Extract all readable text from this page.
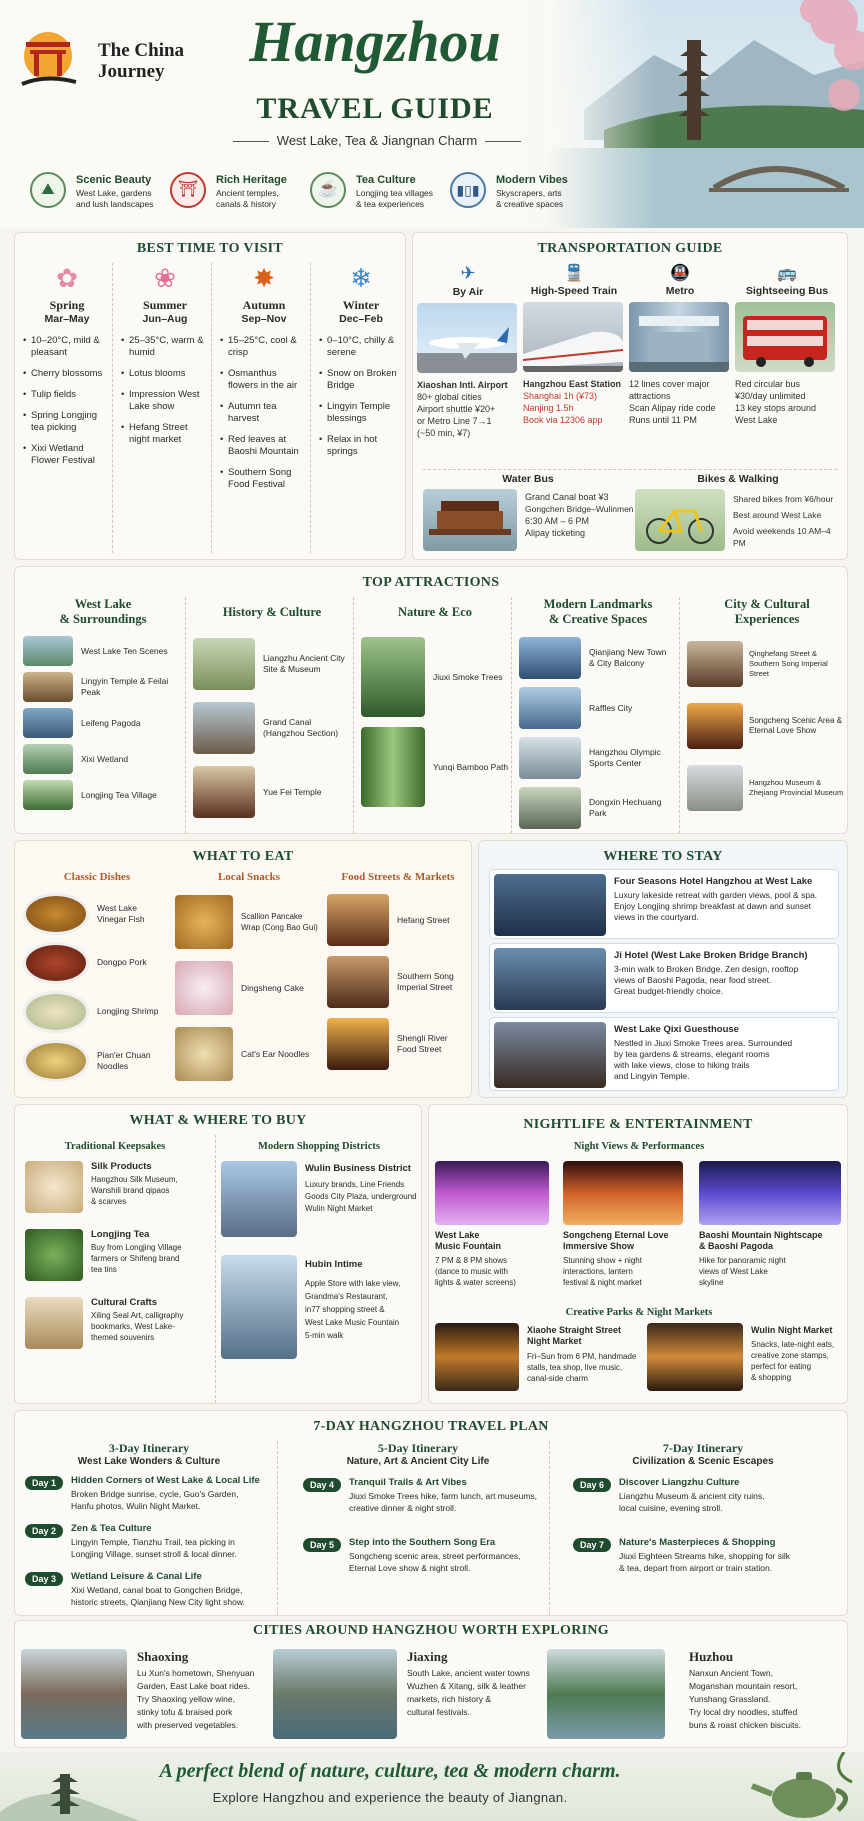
The China
Journey	Hangzhou
TRAVEL GUIDE
West Lake, Tea & Jiangnan Charm
⛰
Scenic Beauty
West Lake, gardens
and lush landscapes
⛩
Rich Heritage
Ancient temples,
canals & history
☕
Tea Culture
Longjing tea villages
& tea experiences
▮▯▮
Modern Vibes
Skyscrapers, arts
& creative spaces
BEST TIME TO VISIT
✿
Spring
Mar–May
• 10–20°C, mild & pleasant
• Cherry blossoms
• Tulip fields
• Spring Longjing tea picking
• Xixi Wetland Flower Festival
❀
Summer
Jun–Aug
• 25–35°C, warm & humid
• Lotus blooms
• Impression West Lake show
• Hefang Street night market
✸
Autumn
Sep–Nov
• 15–25°C, cool & crisp
• Osmanthus flowers in the air
• Autumn tea harvest
• Red leaves at Baoshi Mountain
• Southern Song Food Festival
❄
Winter
Dec–Feb
• 0–10°C, chilly & serene
• Snow on Broken Bridge
• Lingyin Temple blessings
• Relax in hot springs
TRANSPORTATION GUIDE
✈
By Air
Xiaoshan Intl. Airport
80+ global cities
Airport shuttle ¥20+
or Metro Line 7→1
(~50 min, ¥7)
🚆
High-Speed Train
Hangzhou East Station
Shanghai 1h (¥73)
Nanjing 1.5h
Book via 12306 app
🚇
Metro
12 lines cover major
attractions
Scan Alipay ride code
Runs until 11 PM
🚌
Sightseeing Bus
Red circular bus
¥30/day unlimited
13 key stops around
West Lake
Water Bus
Grand Canal boat ¥3
Gongchen Bridge–Wulinmen
6:30 AM – 6 PM
Alipay ticketing
Bikes & Walking
Shared bikes from ¥6/hour
Best around West Lake
Avoid weekends 10 AM–4 PM
TOP ATTRACTIONS
West Lake
& Surroundings
West Lake Ten Scenes
Lingyin Temple & Feilai Peak
Leifeng Pagoda
Xixi Wetland
Longjing Tea Village
History & Culture
Liangzhu Ancient City Site & Museum
Grand Canal (Hangzhou Section)
Yue Fei Temple
Nature & Eco
Jiuxi Smoke Trees
Yunqi Bamboo Path
Modern Landmarks
& Creative Spaces
Qianjiang New Town & City Balcony
Raffles City
Hangzhou Olympic Sports Center
Dongxin Hechuang Park
City & Cultural
Experiences
Qinghefang Street & Southern Song Imperial Street
Songcheng Scenic Area & Eternal Love Show
Hangzhou Museum & Zhejiang Provincial Museum
WHAT TO EAT
Classic Dishes
West Lake Vinegar Fish
Dongpo Pork
Longjing Shrimp
Pian'er Chuan Noodles
Local Snacks
Scallion Pancake Wrap (Cong Bao Gui)
Dingsheng Cake
Cat's Ear Noodles
Food Streets & Markets
Hefang Street
Southern Song Imperial Street
Shengli River Food Street
WHERE TO STAY
Four Seasons Hotel Hangzhou at West Lake
Luxury lakeside retreat with garden views, pool & spa.
Enjoy Longjing shrimp breakfast at dawn and sunset
views in the courtyard.
Ji Hotel (West Lake Broken Bridge Branch)
3-min walk to Broken Bridge. Zen design, rooftop
views of Baoshi Pagoda, near food street.
Great budget-friendly choice.
West Lake Qixi Guesthouse
Nestled in Jiuxi Smoke Trees area. Surrounded
by tea gardens & streams, elegant rooms
with lake views, close to hiking trails
and Lingyin Temple.
WHAT & WHERE TO BUY
Traditional Keepsakes
Silk Products
Hangzhou Silk Museum,
Wanshili brand qipaos
& scarves
Longjing Tea
Buy from Longjing Village
farmers or Shifeng brand
tea tins
Cultural Crafts
Xiling Seal Art, calligraphy
bookmarks, West Lake-
themed souvenirs
Modern Shopping Districts
Wulin Business District
Luxury brands, Line Friends
Goods City Plaza, underground
Wulin Night Market
Hubin Intime
Apple Store with lake view,
Grandma's Restaurant,
in77 shopping street &
West Lake Music Fountain
5-min walk
NIGHTLIFE & ENTERTAINMENT
Night Views & Performances
West Lake
Music Fountain
7 PM & 8 PM shows
(dance to music with
lights & water screens)
Songcheng Eternal Love
Immersive Show
Stunning show + night
interactions, lantern
festival & night market
Baoshi Mountain Nightscape
& Baoshi Pagoda
Hike for panoramic night
views of West Lake
skyline
Creative Parks & Night Markets
Xiaohe Straight Street
Night Market
Fri–Sun from 6 PM, handmade
stalls, tea shop, live music,
canal-side charm
Wulin Night Market
Snacks, late-night eats,
creative zone stamps,
perfect for eating
& shopping
7-DAY HANGZHOU TRAVEL PLAN
3-Day Itinerary
West Lake Wonders & Culture
Day 1	Hidden Corners of West Lake & Local Life
Broken Bridge sunrise, cycle, Guo's Garden,
Hanfu photos, Wulin Night Market.
Day 2	Zen & Tea Culture
Lingyin Temple, Tianzhu Trail, tea picking in
Longjing Village, sunset stroll & local dinner.
Day 3	Wetland Leisure & Canal Life
Xixi Wetland, canal boat to Gongchen Bridge,
historic streets, Qianjiang New City light show.
5-Day Itinerary
Nature, Art & Ancient City Life
Day 4	Tranquil Trails & Art Vibes
Jiuxi Smoke Trees hike, farm lunch, art museums,
creative dinner & night stroll.
Day 5	Step into the Southern Song Era
Songcheng scenic area, street performances,
Eternal Love show & night stroll.
7-Day Itinerary
Civilization & Scenic Escapes
Day 6	Discover Liangzhu Culture
Liangzhu Museum & ancient city ruins,
local cuisine, evening stroll.
Day 7	Nature's Masterpieces & Shopping
Jiuxi Eighteen Streams hike, shopping for silk
& tea, depart from airport or train station.
CITIES AROUND HANGZHOU WORTH EXPLORING
Shaoxing
Lu Xun's hometown, Shenyuan
Garden, East Lake boat rides.
Try Shaoxing yellow wine,
stinky tofu & braised pork
with preserved vegetables.
Jiaxing
South Lake, ancient water towns
Wuzhen & Xitang, silk & leather
markets, rich history &
cultural festivals.
Huzhou
Nanxun Ancient Town,
Moganshan mountain resort,
Yunshang Grassland.
Try local dry noodles, stuffed
buns & roast chicken biscuits.
A perfect blend of nature, culture, tea & modern charm.
Explore Hangzhou and experience the beauty of Jiangnan.
